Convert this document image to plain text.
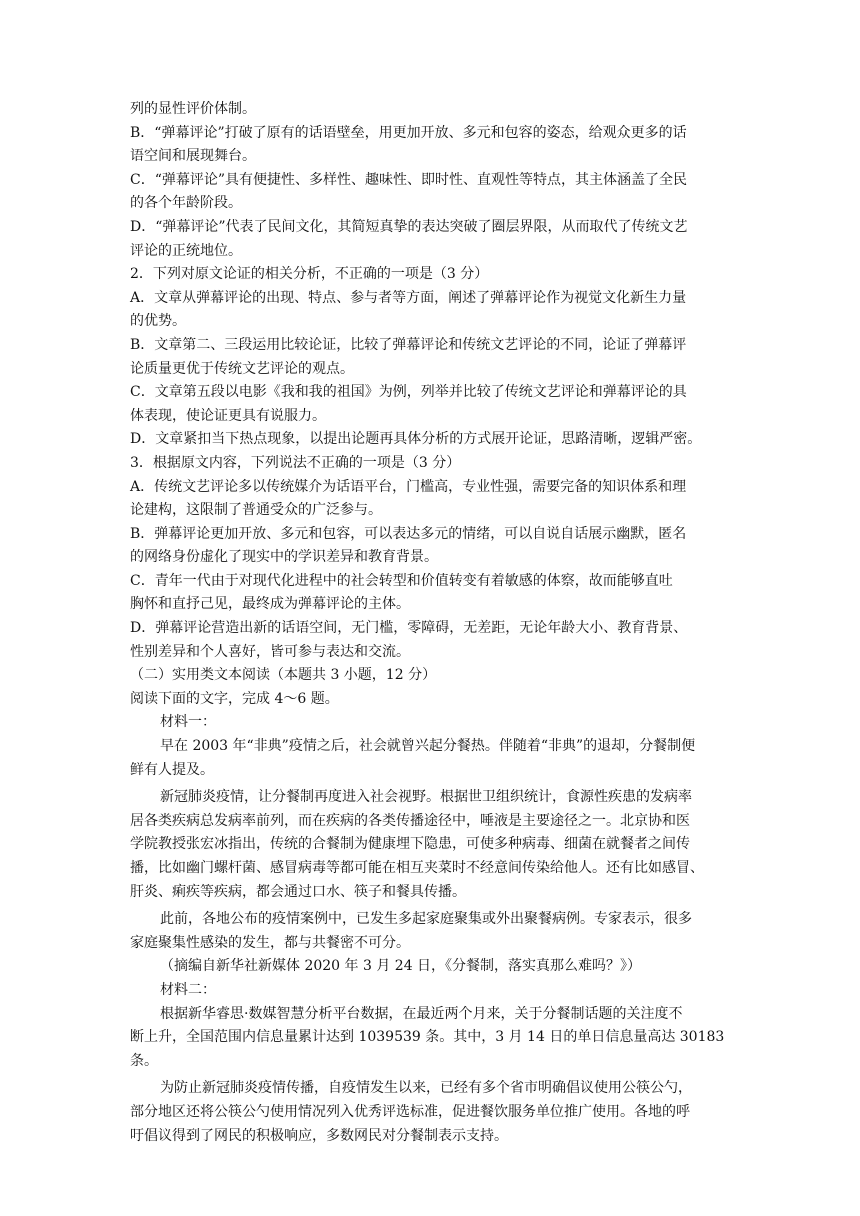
列的显性评价体制。
B．“弹幕评论”打破了原有的话语壁垒，用更加开放、多元和包容的姿态，给观众更多的话
语空间和展现舞台。
C．“弹幕评论”具有便捷性、多样性、趣味性、即时性、直观性等特点，其主体涵盖了全民
的各个年龄阶段。
D．“弹幕评论”代表了民间文化，其简短真挚的表达突破了圈层界限，从而取代了传统文艺
评论的正统地位。
2．下列对原文论证的相关分析，不正确的一项是（3 分）
A．文章从弹幕评论的出现、特点、参与者等方面，阐述了弹幕评论作为视觉文化新生力量
的优势。
B．文章第二、三段运用比较论证，比较了弹幕评论和传统文艺评论的不同，论证了弹幕评
论质量更优于传统文艺评论的观点。
C．文章第五段以电影《我和我的祖国》为例，列举并比较了传统文艺评论和弹幕评论的具
体表现，使论证更具有说服力。
D．文章紧扣当下热点现象，以提出论题再具体分析的方式展开论证，思路清晰，逻辑严密。
3．根据原文内容，下列说法不正确的一项是（3 分）
A．传统文艺评论多以传统媒介为话语平台，门槛高，专业性强，需要完备的知识体系和理
论建构，这限制了普通受众的广泛参与。
B．弹幕评论更加开放、多元和包容，可以表达多元的情绪，可以自说自话展示幽默，匿名
的网络身份虚化了现实中的学识差异和教育背景。
C．青年一代由于对现代化进程中的社会转型和价值转变有着敏感的体察，故而能够直吐
胸怀和直抒己见，最终成为弹幕评论的主体。
D．弹幕评论营造出新的话语空间，无门槛，零障碍，无差距，无论年龄大小、教育背景、
性别差异和个人喜好，皆可参与表达和交流。
（二）实用类文本阅读（本题共 3 小题，12 分）
阅读下面的文字，完成 4～6 题。
材料一：
早在 2003 年“非典”疫情之后，社会就曾兴起分餐热。伴随着“非典”的退却，分餐制便
鲜有人提及。
新冠肺炎疫情，让分餐制再度进入社会视野。根据世卫组织统计，食源性疾患的发病率
居各类疾病总发病率前列，而在疾病的各类传播途径中，唾液是主要途径之一。北京协和医
学院教授张宏冰指出，传统的合餐制为健康埋下隐患，可使多种病毒、细菌在就餐者之间传
播，比如幽门螺杆菌、感冒病毒等都可能在相互夹菜时不经意间传染给他人。还有比如感冒、
肝炎、痢疾等疾病，都会通过口水、筷子和餐具传播。
此前，各地公布的疫情案例中，已发生多起家庭聚集或外出聚餐病例。专家表示，很多
家庭聚集性感染的发生，都与共餐密不可分。
（摘编自新华社新媒体 2020 年 3 月 24 日，《分餐制，落实真那么难吗？》）
材料二：
根据新华睿思·数媒智慧分析平台数据，在最近两个月来，关于分餐制话题的关注度不
断上升，全国范围内信息量累计达到 1039539 条。其中，3 月 14 日的单日信息量高达 30183
条。
为防止新冠肺炎疫情传播，自疫情发生以来，已经有多个省市明确倡议使用公筷公勺，
部分地区还将公筷公勺使用情况列入优秀评选标准，促进餐饮服务单位推广使用。各地的呼
吁倡议得到了网民的积极响应，多数网民对分餐制表示支持。
